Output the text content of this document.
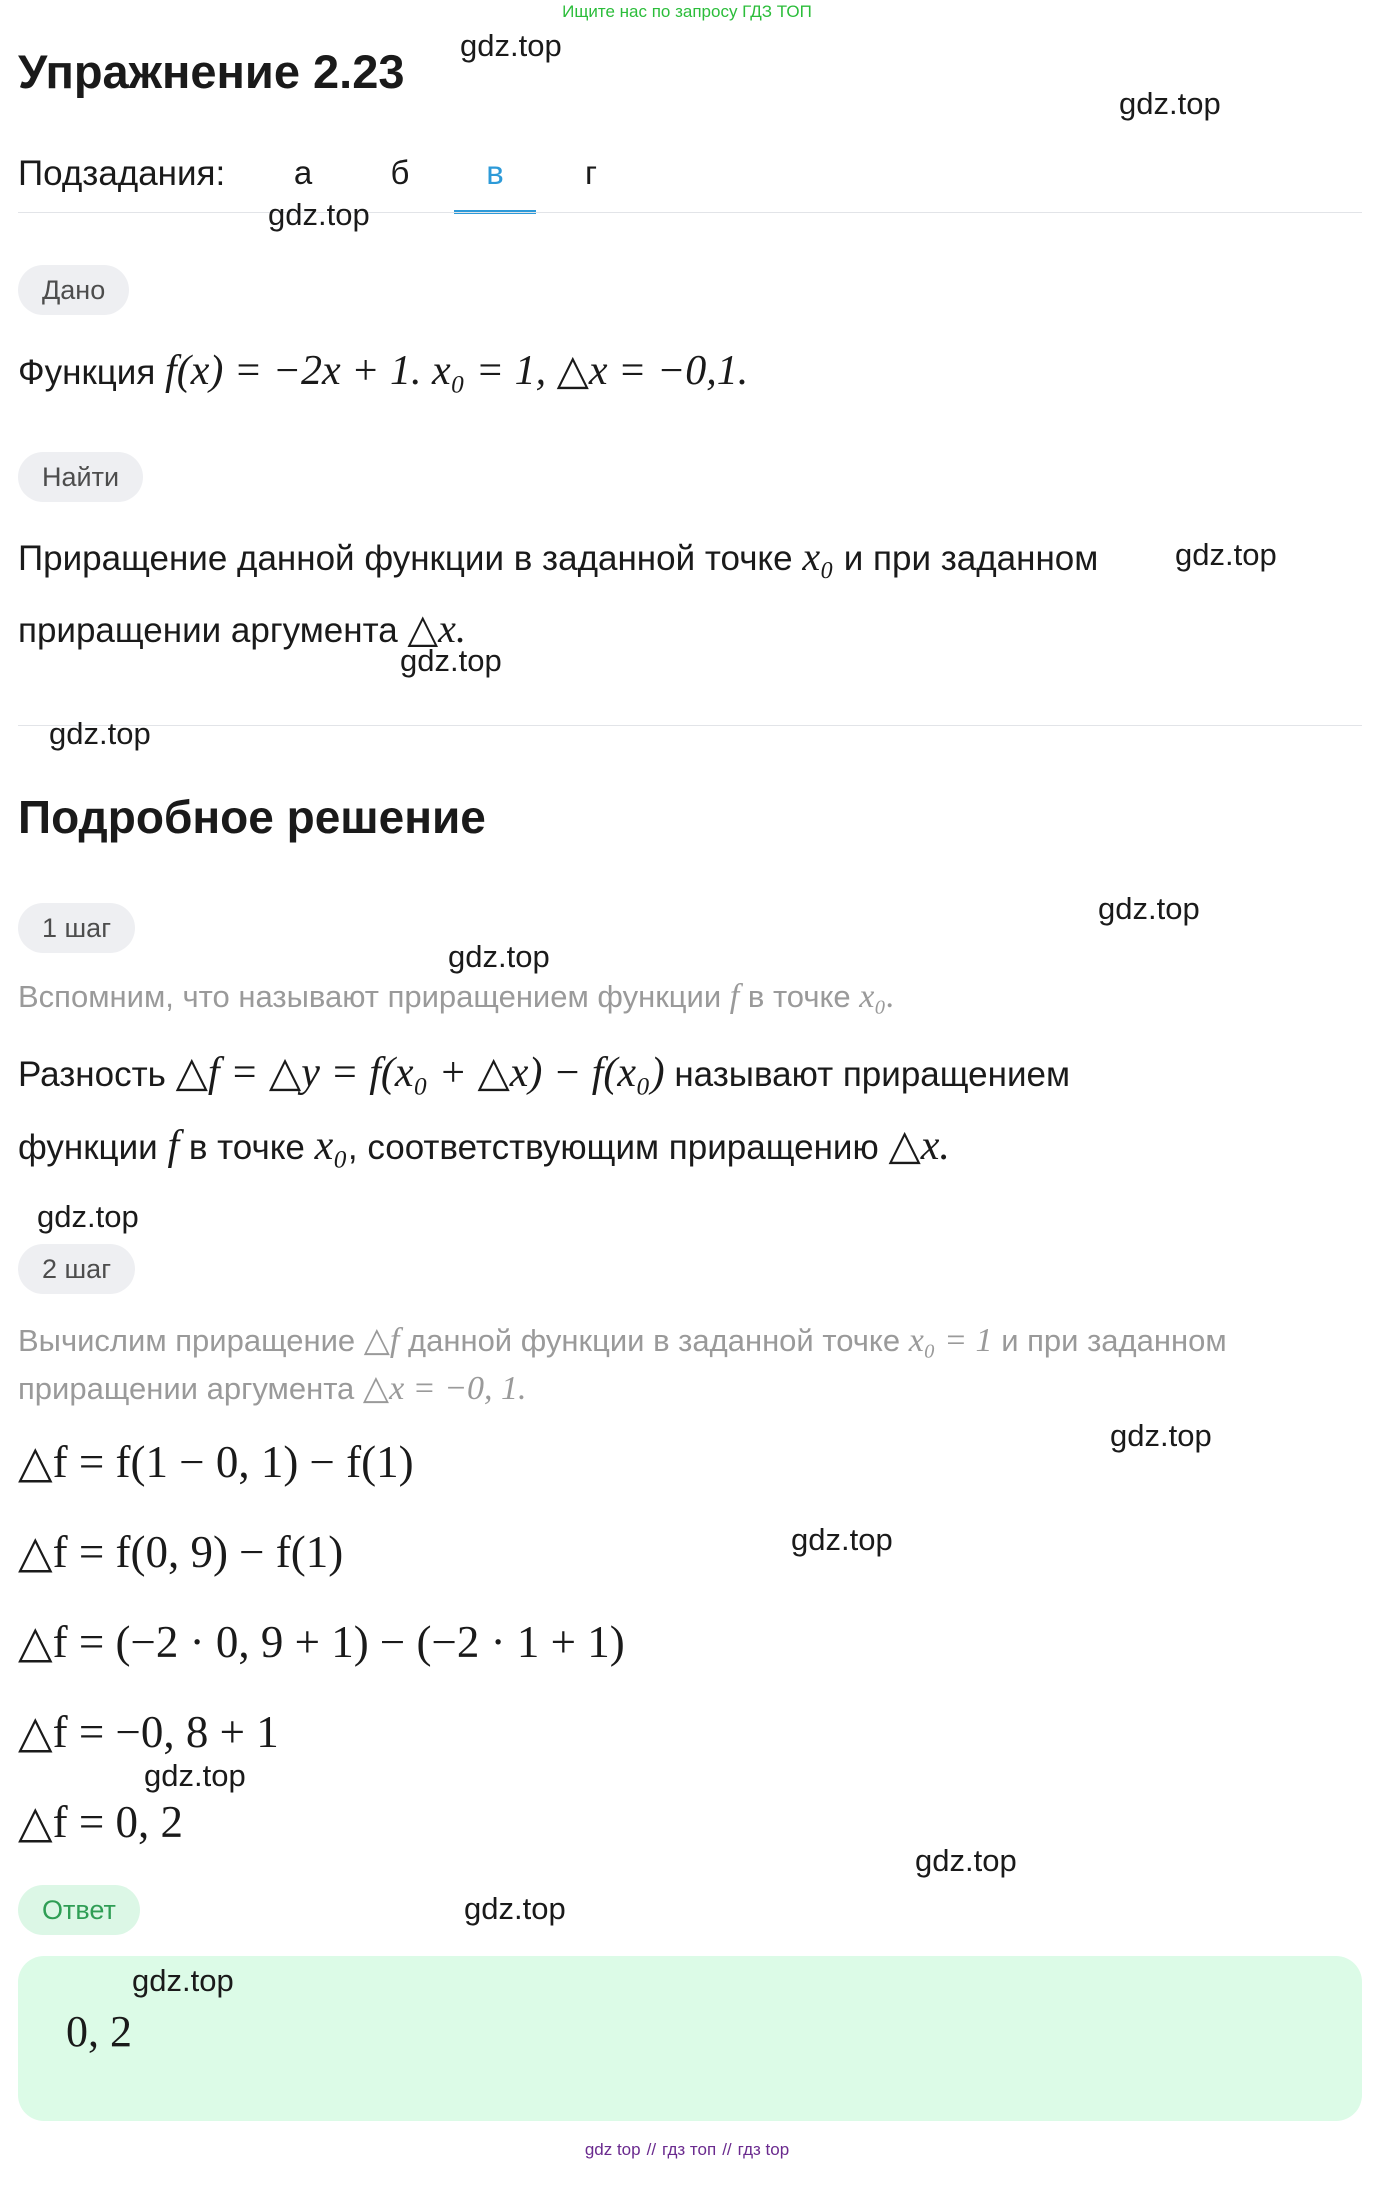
Ищите нас по запросу ГДЗ ТОП
Упражнение 2.23
Подзадания:	а	б	в	г
Дано
Функция f(x) = −2x + 1. x₀ = 1, △x = −0,1.
Найти
Приращение данной функции в заданной точке x₀ и при заданном
приращении аргумента △x.
Подробное решение
1 шаг
Вспомним, что называют приращением функции f в точке x₀.
Разность △f = △y = f(x₀ + △x) − f(x₀) называют приращением
функции f в точке x₀, соответствующим приращению △x.
2 шаг
Вычислим приращение △f данной функции в заданной точке x₀ = 1 и при заданном
приращении аргумента △x = −0, 1.
△f = f(1 − 0, 1) − f(1)
△f = f(0, 9) − f(1)
△f = (−2 · 0, 9 + 1) − (−2 · 1 + 1)
△f = −0, 8 + 1
△f = 0, 2
Ответ
0, 2
gdz.top
gdz.top
gdz.top
gdz.top
gdz.top
gdz.top
gdz.top
gdz.top
gdz.top
gdz.top
gdz.top
gdz.top
gdz.top
gdz.top
gdz.top
gdz top // гдз топ // гдз top
